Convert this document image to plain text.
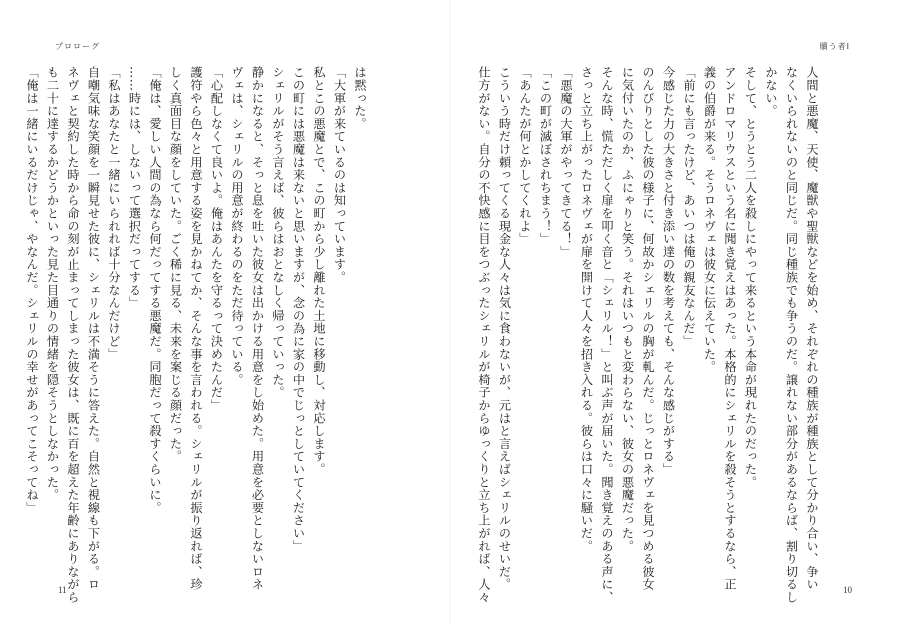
プロローグ
は黙った。
「大軍が来ているのは知っています。
私とこの悪魔とで、この町から少し離れた土地に移動し、対応します。
この町には悪魔は来ないと思いますが、念の為に家の中でじっとしていてください」
シェリルがそう言えば、彼らはおとなしく帰っていった。
静かになると、そっと息を吐いた彼女は出かける用意をし始めた。用意を必要としないロネ
ヴェは、シェリルの用意が終わるのをただ待っている。
「心配しなくて良いよ。俺はあんたを守るって決めたんだ」
護符やら色々と用意する姿を見かねてか、そんな事を言われる。シェリルが振り返れば、珍
しく真面目な顔をしていた。ごく稀に見る、未来を案じる顔だった。
「俺は、愛しい人間の為なら何だってする悪魔だ。同胞だって殺すくらいに。
……時には、しないって選択だってする」
「私はあなたと一緒にいられれば十分なんだけど」
自嘲気味な笑顔を一瞬見せた彼に、シェリルは不満そうに答えた。自然と視線も下がる。ロ
ネヴェと契約した時から命の刻が止まってしまった彼女は、既に百を超えた年齢にありながら
も二十に達するかどうかといった見た目通りの情緒を隠そうとしなかった。
「俺は一緒にいるだけじゃ、やなんだ。シェリルの幸せがあってこそってね」
11
贖う者Ⅰ
人間と悪魔、天使、魔獣や聖獣などを始め、それぞれの種族が種族として分かり合い、争い
なくいられないのと同じだ。同じ種族でも争うのだ。譲れない部分があるならば、割り切るし
かない。
そして、とうとう二人を殺しにやって来るという本命が現れたのだった。
アンドロマリウスという名に聞き覚えはあった。本格的にシェリルを殺そうとするなら、正
義の伯爵が来る。そうロネヴェは彼女に伝えていた。
「前にも言ったけど、あいつは俺の親友なんだ」
今感じた力の大きさと付き添い達の数を考えても、そんな感じがする」
のんびりとした彼の様子に、何故かシェリルの胸が軋んだ。じっとロネヴェを見つめる彼女
に気付いたのか、ふにゃりと笑う。それはいつもと変わらない、彼女の悪魔だった。
そんな時、慌ただしく扉を叩く音と「シェリル！」と叫ぶ声が届いた。聞き覚えのある声に、
さっと立ち上がったロネヴェが扉を開けて人々を招き入れる。彼らは口々に騒いだ。
「悪魔の大軍がやってきてる！」
「この町が滅ぼされちまう！」
「あんたが何とかしてくれよ」
こういう時だけ頼ってくる現金な人々は気に食わないが、元はと言えばシェリルのせいだ。
仕方がない。自分の不快感に目をつぶったシェリルが椅子からゆっくりと立ち上がれば、人々	10
